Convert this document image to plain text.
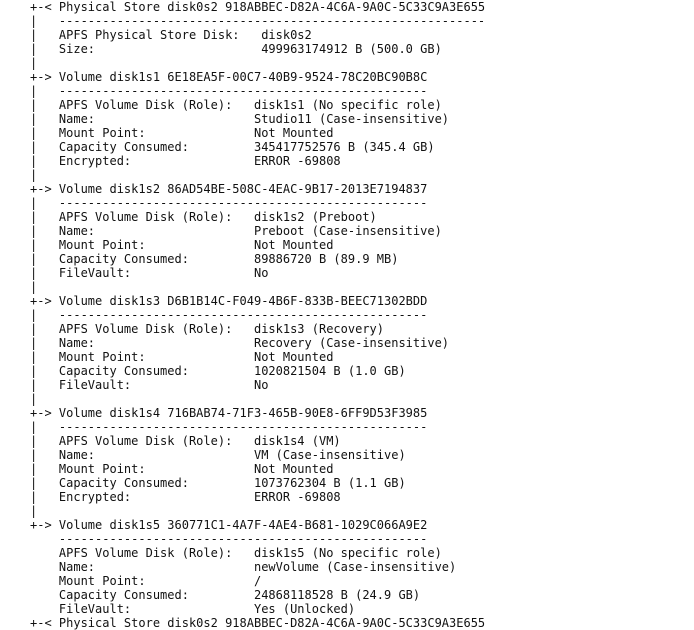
+-< Physical Store disk0s2 918ABBEC-D82A-4C6A-9A0C-5C33C9A3E655
|   -----------------------------------------------------------
|   APFS Physical Store Disk:   disk0s2
|   Size:                       499963174912 B (500.0 GB)
|
+-> Volume disk1s1 6E18EA5F-00C7-40B9-9524-78C20BC90B8C
|   ---------------------------------------------------
|   APFS Volume Disk (Role):   disk1s1 (No specific role)
|   Name:                      Studio11 (Case-insensitive)
|   Mount Point:               Not Mounted
|   Capacity Consumed:         345417752576 B (345.4 GB)
|   Encrypted:                 ERROR -69808
|
+-> Volume disk1s2 86AD54BE-508C-4EAC-9B17-2013E7194837
|   ---------------------------------------------------
|   APFS Volume Disk (Role):   disk1s2 (Preboot)
|   Name:                      Preboot (Case-insensitive)
|   Mount Point:               Not Mounted
|   Capacity Consumed:         89886720 B (89.9 MB)
|   FileVault:                 No
|
+-> Volume disk1s3 D6B1B14C-F049-4B6F-833B-BEEC71302BDD
|   ---------------------------------------------------
|   APFS Volume Disk (Role):   disk1s3 (Recovery)
|   Name:                      Recovery (Case-insensitive)
|   Mount Point:               Not Mounted
|   Capacity Consumed:         1020821504 B (1.0 GB)
|   FileVault:                 No
|
+-> Volume disk1s4 716BAB74-71F3-465B-90E8-6FF9D53F3985
|   ---------------------------------------------------
|   APFS Volume Disk (Role):   disk1s4 (VM)
|   Name:                      VM (Case-insensitive)
|   Mount Point:               Not Mounted
|   Capacity Consumed:         1073762304 B (1.1 GB)
|   Encrypted:                 ERROR -69808
|
+-> Volume disk1s5 360771C1-4A7F-4AE4-B681-1029C066A9E2
---------------------------------------------------
APFS Volume Disk (Role):   disk1s5 (No specific role)
Name:                      newVolume (Case-insensitive)
Mount Point:               /
Capacity Consumed:         24868118528 B (24.9 GB)
FileVault:                 Yes (Unlocked)
+-< Physical Store disk0s2 918ABBEC-D82A-4C6A-9A0C-5C33C9A3E655
